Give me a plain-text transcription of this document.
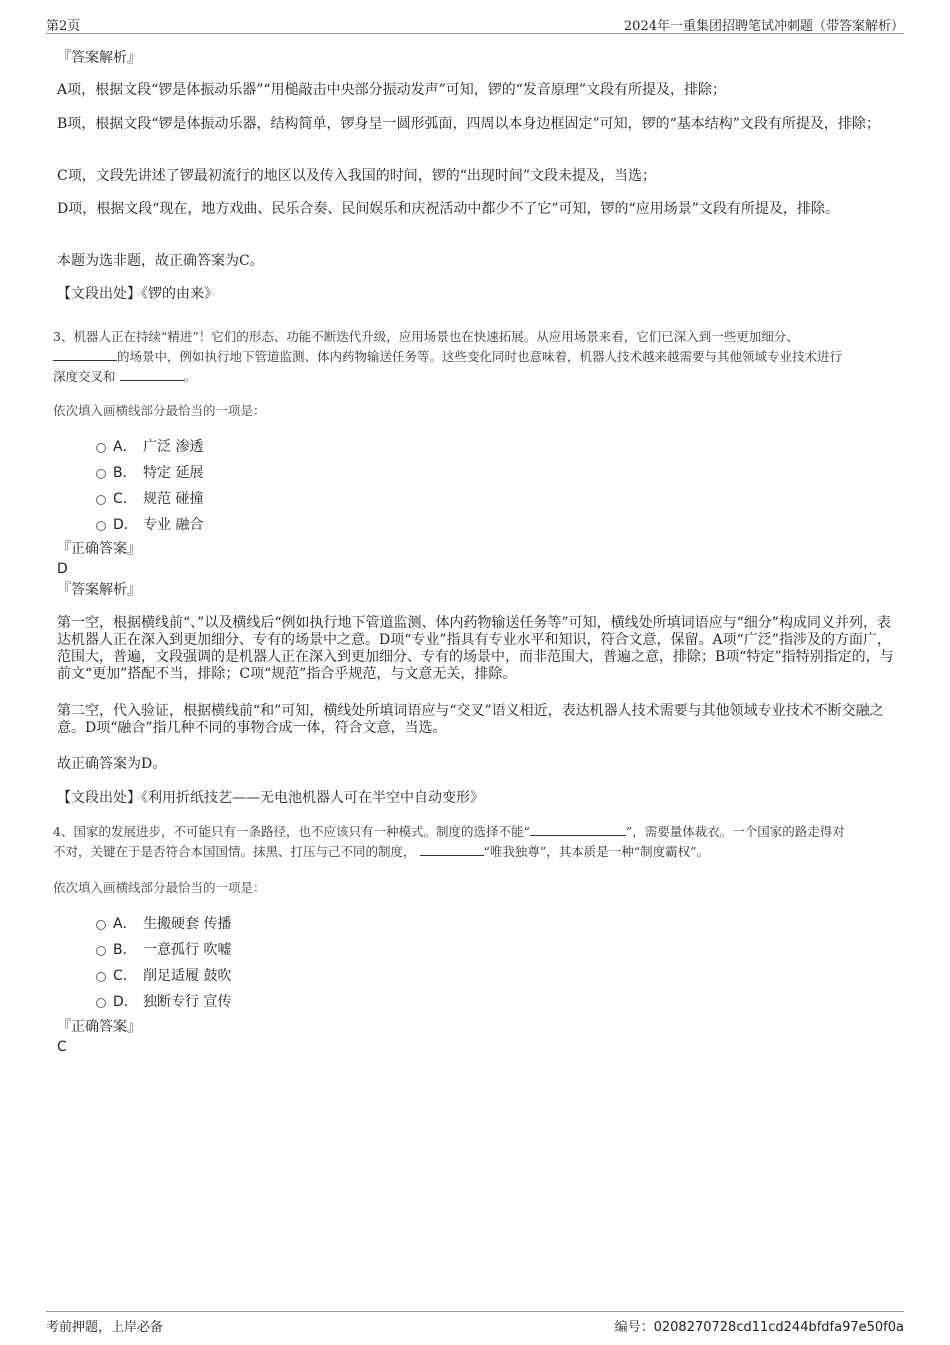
第2页	2024年一重集团招聘笔试冲刺题（带答案解析）
『答案解析』
A项，根据文段“锣是体振动乐器”“用槌敲击中央部分振动发声”可知，锣的“发音原理”文段有所提及，排除；
B项，根据文段“锣是体振动乐器，结构简单，锣身呈一圆形弧面，四周以本身边框固定”可知，锣的“基本结构”文段有所提及，排除；
C项，文段先讲述了锣最初流行的地区以及传入我国的时间，锣的“出现时间”文段未提及，当选；
D项，根据文段“现在，地方戏曲、民乐合奏、民间娱乐和庆祝活动中都少不了它”可知，锣的“应用场景”文段有所提及，排除。
本题为选非题，故正确答案为C。
【文段出处】《锣的由来》
3、机器人正在持续“精进”！它们的形态、功能不断迭代升级，应用场景也在快速拓展。从应用场景来看，它们已深入到一些更加细分、
的场景中，例如执行地下管道监测、体内药物输送任务等。这些变化同时也意味着，机器人技术越来越需要与其他领域专业技术进行
深度交叉和	。
依次填入画横线部分最恰当的一项是：
A． 广泛 渗透
B． 特定 延展
C． 规范 碰撞
D． 专业 融合
『正确答案』
D
『答案解析』
第一空，根据横线前“、”以及横线后“例如执行地下管道监测、体内药物输送任务等”可知，横线处所填词语应与“细分”构成同义并列，表达机器人正在深入到更加细分、专有的场景中之意。D项“专业”指具有专业水平和知识，符合文意，保留。A项“广泛”指涉及的方面广，范围大，普遍，文段强调的是机器人正在深入到更加细分、专有的场景中，而非范围大，普遍之意，排除；B项“特定”指特别指定的，与前文“更加”搭配不当，排除；C项“规范”指合乎规范，与文意无关，排除。
第二空，代入验证，根据横线前“和”可知，横线处所填词语应与“交叉”语义相近，表达机器人技术需要与其他领域专业技术不断交融之意。D项“融合”指几种不同的事物合成一体，符合文意，当选。
故正确答案为D。
【文段出处】《利用折纸技艺——无电池机器人可在半空中自动变形》
4、国家的发展进步，不可能只有一条路径，也不应该只有一种模式。制度的选择不能“	”，需要量体裁衣。一个国家的路走得对
不对，关键在于是否符合本国国情。抹黑、打压与己不同的制度，	“唯我独尊”，其本质是一种“制度霸权”。
依次填入画横线部分最恰当的一项是：
A． 生搬硬套 传播
B． 一意孤行 吹嘘
C． 削足适履 鼓吹
D． 独断专行 宣传
『正确答案』
C
考前押题，上岸必备	编号：0208270728cd11cd244bfdfa97e50f0a
